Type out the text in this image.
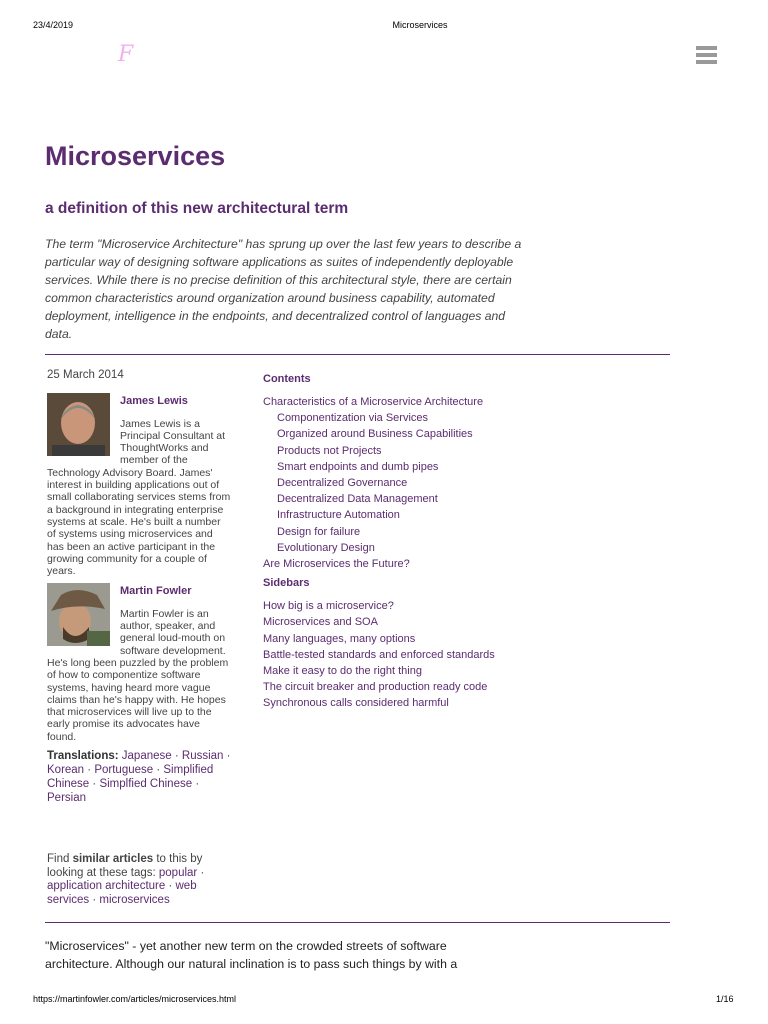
23/4/2019	Microservices
F
Microservices
a definition of this new architectural term
The term "Microservice Architecture" has sprung up over the last few years to describe a particular way of designing software applications as suites of independently deployable services. While there is no precise definition of this architectural style, there are certain common characteristics around organization around business capability, automated deployment, intelligence in the endpoints, and decentralized control of languages and data.
25 March 2014
James Lewis
James Lewis is a Principal Consultant at ThoughtWorks and member of the Technology Advisory Board. James' interest in building applications out of small collaborating services stems from a background in integrating enterprise systems at scale. He's built a number of systems using microservices and has been an active participant in the growing community for a couple of years.
Martin Fowler
Martin Fowler is an author, speaker, and general loud-mouth on software development. He's long been puzzled by the problem of how to componentize software systems, having heard more vague claims than he's happy with. He hopes that microservices will live up to the early promise its advocates have found.
Translations: Japanese · Russian · Korean · Portuguese · Simplified Chinese · Simplfied Chinese · Persian
Find similar articles to this by looking at these tags: popular · application architecture · web services · microservices
Contents
Characteristics of a Microservice Architecture
Componentization via Services
Organized around Business Capabilities
Products not Projects
Smart endpoints and dumb pipes
Decentralized Governance
Decentralized Data Management
Infrastructure Automation
Design for failure
Evolutionary Design
Are Microservices the Future?
Sidebars
How big is a microservice?
Microservices and SOA
Many languages, many options
Battle-tested standards and enforced standards
Make it easy to do the right thing
The circuit breaker and production ready code
Synchronous calls considered harmful
"Microservices" - yet another new term on the crowded streets of software architecture. Although our natural inclination is to pass such things by with a
https://martinfowler.com/articles/microservices.html	1/16
